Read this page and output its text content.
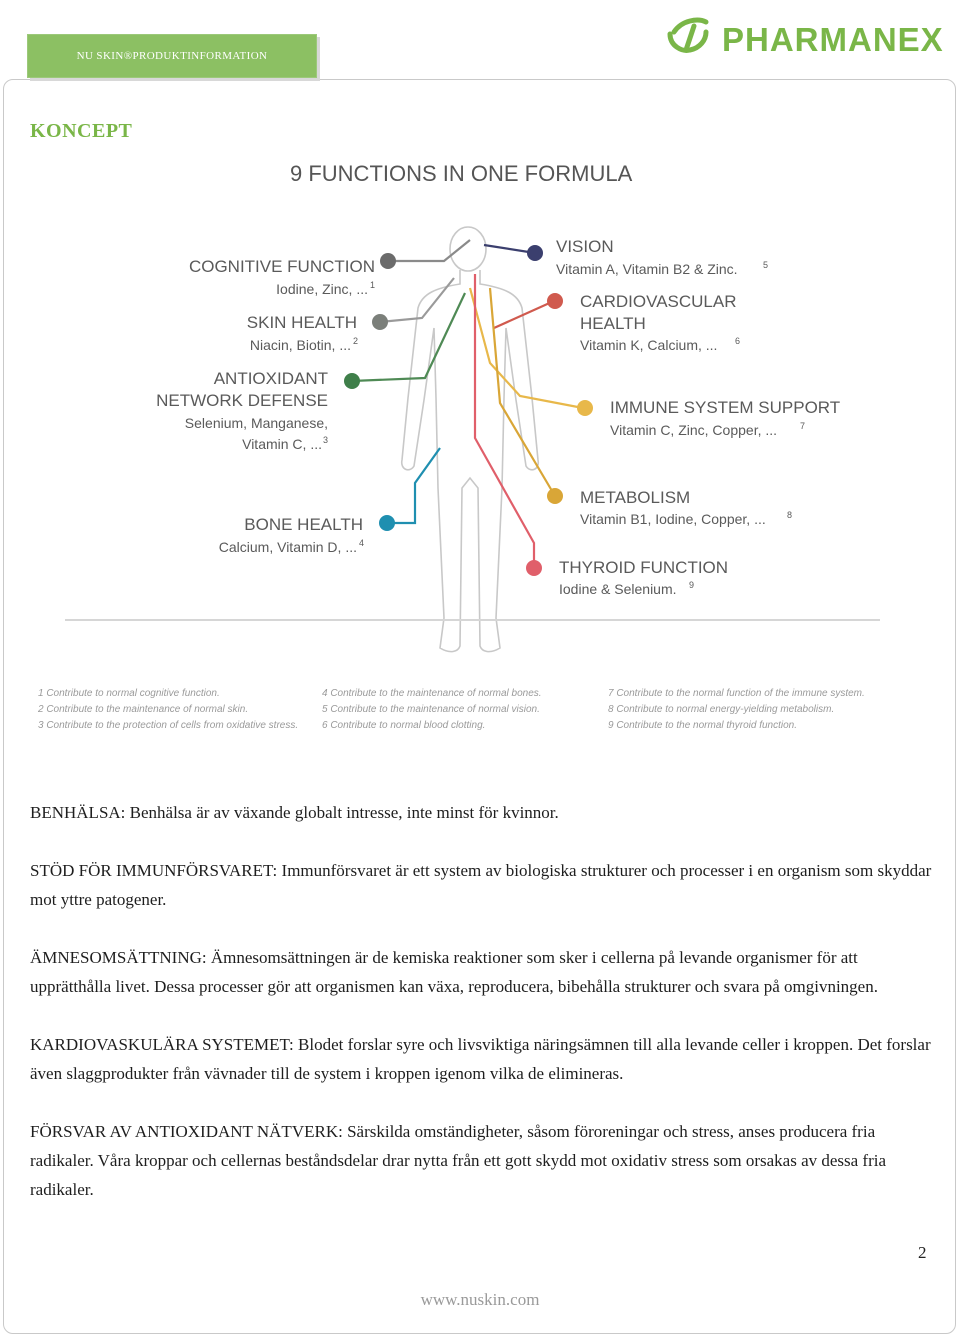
NU SKIN®PRODUKTINFORMATION	PHARMANEX
KONCEPT
9 FUNCTIONS IN ONE FORMULA
COGNITIVE FUNCTION
Iodine, Zinc, ... 1
SKIN HEALTH
Niacin, Biotin, ... 2
ANTIOXIDANT
NETWORK DEFENSE
Selenium, Manganese,
Vitamin C, ... 3
BONE HEALTH
Calcium, Vitamin D, ... 4
VISION
Vitamin A, Vitamin B2 & Zinc.	5
CARDIOVASCULAR
HEALTH
Vitamin K, Calcium, ... 6
IMMUNE SYSTEM SUPPORT
Vitamin C, Zinc, Copper, ...	7
METABOLISM
Vitamin B1, Iodine, Copper, ... 8
THYROID FUNCTION
Iodine & Selenium. 9
1 Contribute to normal cognitive function.
2 Contribute to the maintenance of normal skin.
3 Contribute to the protection of cells from oxidative stress.
4 Contribute to the maintenance of normal bones.
5 Contribute to the maintenance of normal vision.
6 Contribute to normal blood clotting.
7 Contribute to the normal function of the immune system.
8 Contribute to normal energy-yielding metabolism.
9 Contribute to the normal thyroid function.

BENHÄLSA: Benhälsa är av växande globalt intresse, inte minst för kvinnor.

STÖD FÖR IMMUNFÖRSVARET: Immunförsvaret är ett system av biologiska strukturer och processer i en organism som skyddar mot yttre patogener.

ÄMNESOMSÄTTNING: Ämnesomsättningen är de kemiska reaktioner som sker i cellerna på levande organismer för att upprätthålla livet. Dessa processer gör att organismen kan växa, reproducera, bibehålla strukturer och svara på omgivningen.

KARDIOVASKULÄRA SYSTEMET: Blodet forslar syre och livsviktiga näringsämnen till alla levande celler i kroppen. Det forslar även slaggprodukter från vävnader till de system i kroppen igenom vilka de elimineras.

FÖRSVAR AV ANTIOXIDANT NÄTVERK: Särskilda omständigheter, såsom föroreningar och stress, anses producera fria radikaler. Våra kroppar och cellernas beståndsdelar drar nytta från ett gott skydd mot oxidativ stress som orsakas av dessa fria radikaler.

2
www.nuskin.com
